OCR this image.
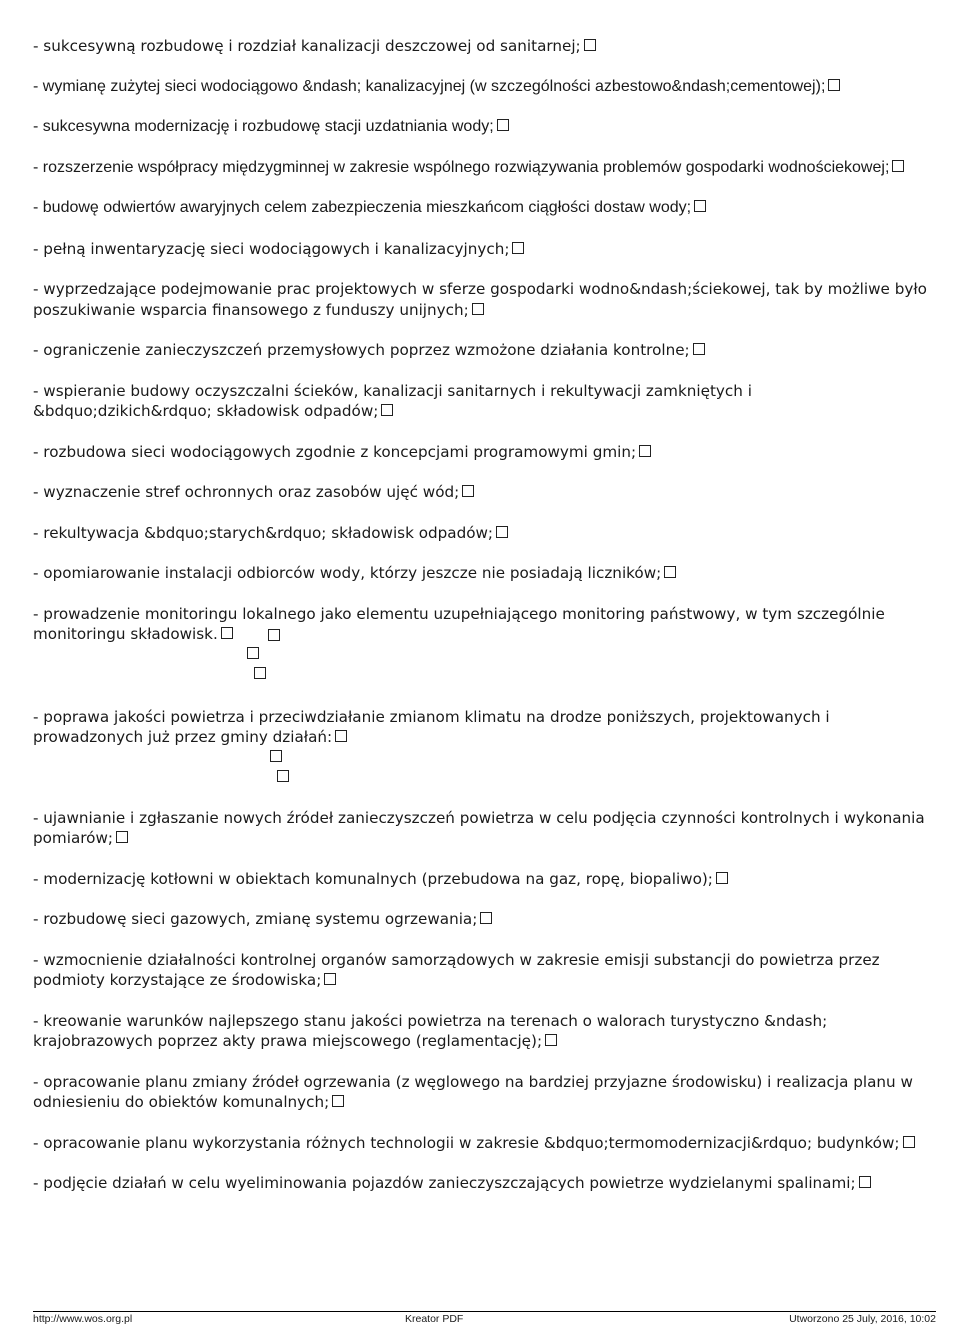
- sukcesywną rozbudowę i rozdział kanalizacji deszczowej od sanitarnej;

- wymianę zużytej sieci wodociągowo &ndash; kanalizacyjnej (w szczególności azbestowo&ndash;cementowej);

- sukcesywna modernizację i rozbudowę stacji uzdatniania wody;

- rozszerzenie współpracy międzygminnej w zakresie wspólnego rozwiązywania problemów gospodarki wodnościekowej;

- budowę odwiertów awaryjnych celem zabezpieczenia mieszkańcom ciągłości dostaw wody;

- pełną inwentaryzację sieci wodociągowych i kanalizacyjnych;

- wyprzedzające podejmowanie prac projektowych w sferze gospodarki wodno&ndash;ściekowej, tak by możliwe było poszukiwanie wsparcia finansowego z funduszy unijnych;

- ograniczenie zanieczyszczeń przemysłowych poprzez wzmożone działania kontrolne;

- wspieranie budowy oczyszczalni ścieków, kanalizacji sanitarnych i rekultywacji zamkniętych i &bdquo;dzikich&rdquo; składowisk odpadów;

- rozbudowa sieci wodociągowych zgodnie z koncepcjami programowymi gmin;

- wyznaczenie stref ochronnych oraz zasobów ujęć wód;

- rekultywacja &bdquo;starych&rdquo; składowisk odpadów;

- opomiarowanie instalacji odbiorców wody, którzy jeszcze nie posiadają liczników;

- prowadzenie monitoringu lokalnego jako elementu uzupełniającego monitoring państwowy, w tym szczególnie monitoringu składowisk.

- poprawa jakości powietrza i przeciwdziałanie zmianom klimatu na drodze poniższych, projektowanych i prowadzonych już przez gminy działań:

- ujawnianie i zgłaszanie nowych źródeł zanieczyszczeń powietrza w celu podjęcia czynności kontrolnych i wykonania pomiarów;

- modernizację kotłowni w obiektach komunalnych (przebudowa na gaz, ropę, biopaliwo);

- rozbudowę sieci gazowych, zmianę systemu ogrzewania;

- wzmocnienie działalności kontrolnej organów samorządowych w zakresie emisji substancji do powietrza przez podmioty korzystające ze środowiska;

- kreowanie warunków najlepszego stanu jakości powietrza na terenach o walorach turystyczno &ndash; krajobrazowych poprzez akty prawa miejscowego (reglamentację);

- opracowanie planu zmiany źródeł ogrzewania (z węglowego na bardziej przyjazne środowisku) i realizacja planu w odniesieniu do obiektów komunalnych;

- opracowanie planu wykorzystania różnych technologii w zakresie &bdquo;termomodernizacji&rdquo; budynków;

- podjęcie działań w celu wyeliminowania pojazdów zanieczyszczających powietrze wydzielanymi spalinami;

http://www.wos.org.pl	Kreator PDF	Utworzono 25 July, 2016, 10:02
